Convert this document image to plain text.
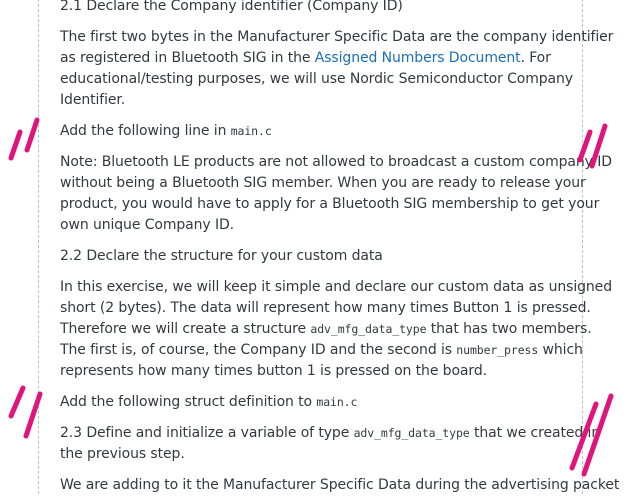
2.1 Declare the Company identifier (Company ID)
The first two bytes in the Manufacturer Specific Data are the company identifier
as registered in Bluetooth SIG in the Assigned Numbers Document. For
educational/testing purposes, we will use Nordic Semiconductor Company
Identifier.
Add the following line in main.c
Note: Bluetooth LE products are not allowed to broadcast a custom company ID
without being a Bluetooth SIG member. When you are ready to release your
product, you would have to apply for a Bluetooth SIG membership to get your
own unique Company ID.
2.2 Declare the structure for your custom data
In this exercise, we will keep it simple and declare our custom data as unsigned
short (2 bytes). The data will represent how many times Button 1 is pressed.
Therefore we will create a structure adv_mfg_data_type that has two members.
The first is, of course, the Company ID and the second is number_press which
represents how many times button 1 is pressed on the board.
Add the following struct definition to main.c
2.3 Define and initialize a variable of type adv_mfg_data_type that we created in
the previous step.
We are adding to it the Manufacturer Specific Data during the advertising packet
